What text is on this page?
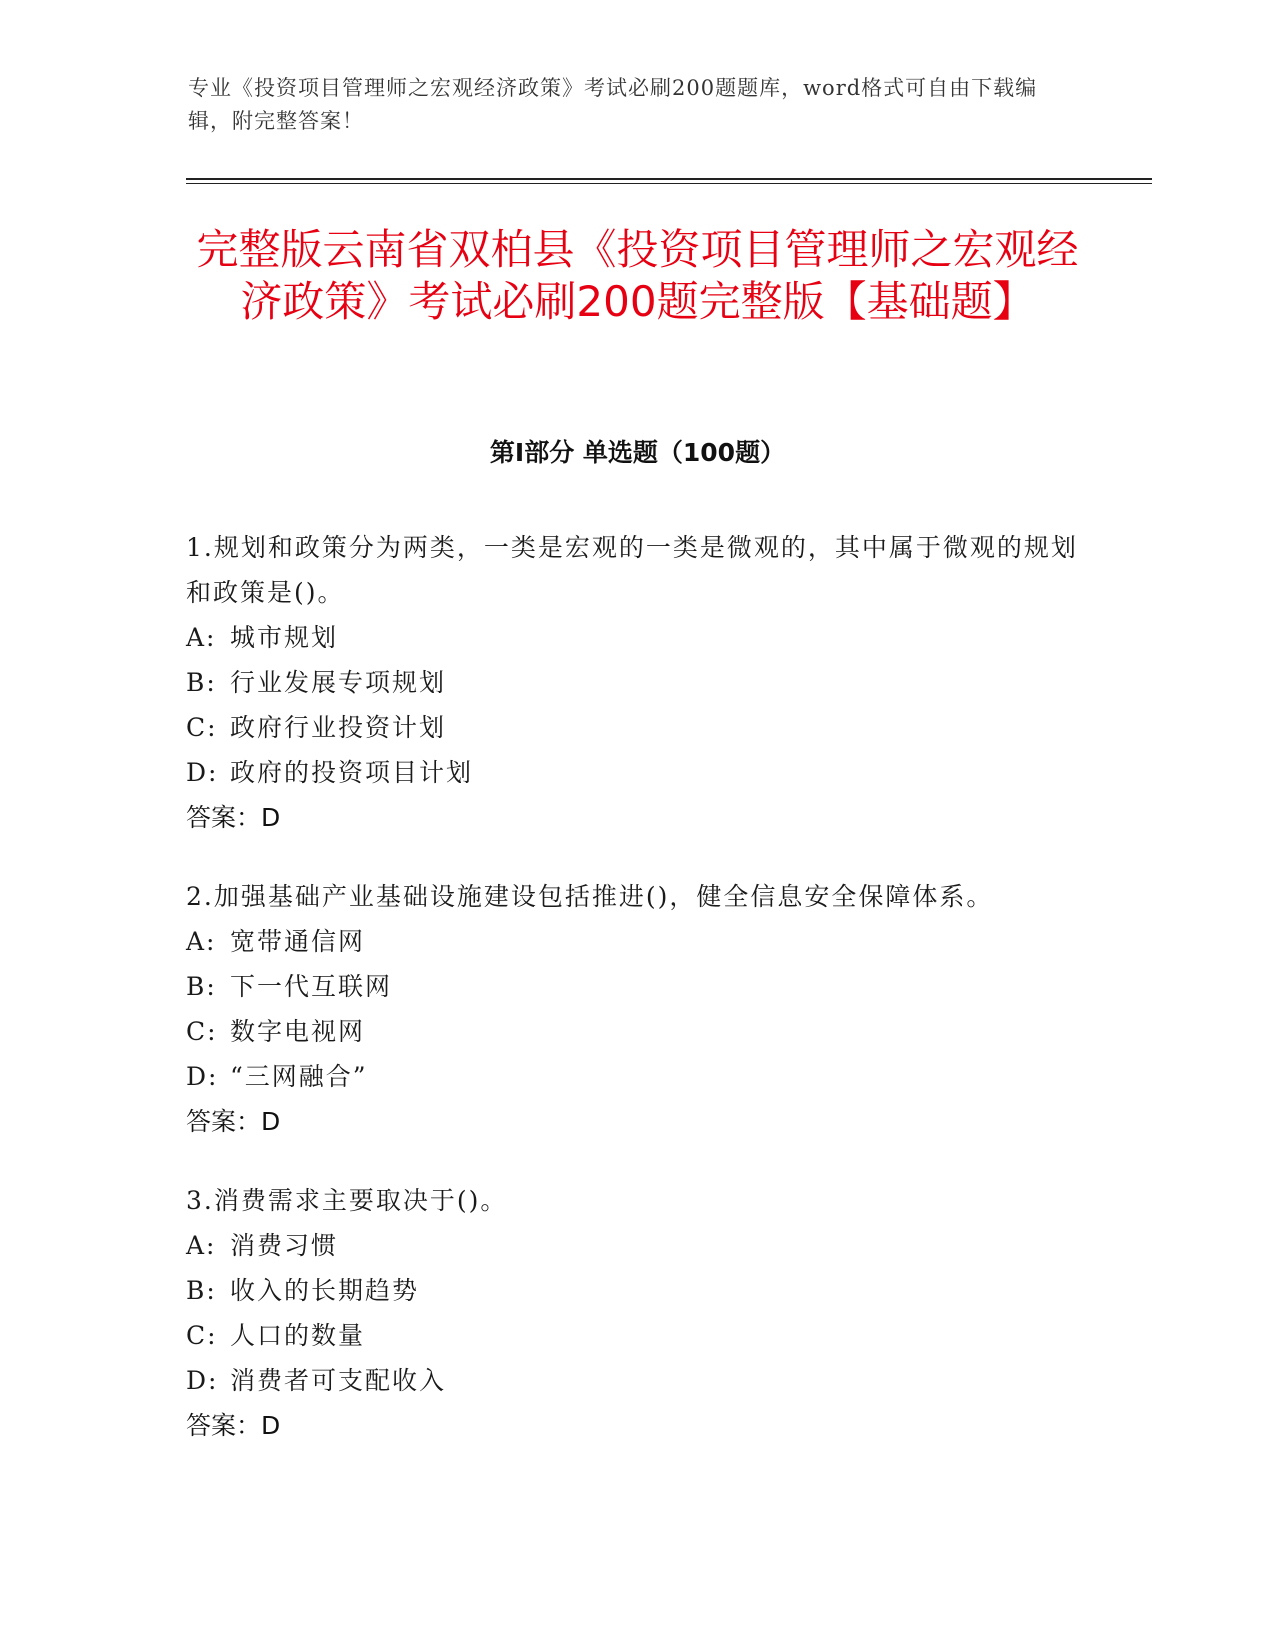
专业《投资项目管理师之宏观经济政策》考试必刷200题题库，word格式可自由下载编辑，附完整答案！
完整版云南省双柏县《投资项目管理师之宏观经济政策》考试必刷200题完整版【基础题】
第Ⅰ部分 单选题（100题）
1.规划和政策分为两类，一类是宏观的一类是微观的，其中属于微观的规划和政策是()。
A: 城市规划
B: 行业发展专项规划
C: 政府行业投资计划
D: 政府的投资项目计划
答案：D
2.加强基础产业基础设施建设包括推进()，健全信息安全保障体系。
A: 宽带通信网
B: 下一代互联网
C: 数字电视网
D: “三网融合”
答案：D
3.消费需求主要取决于()。
A: 消费习惯
B: 收入的长期趋势
C: 人口的数量
D: 消费者可支配收入
答案：D
